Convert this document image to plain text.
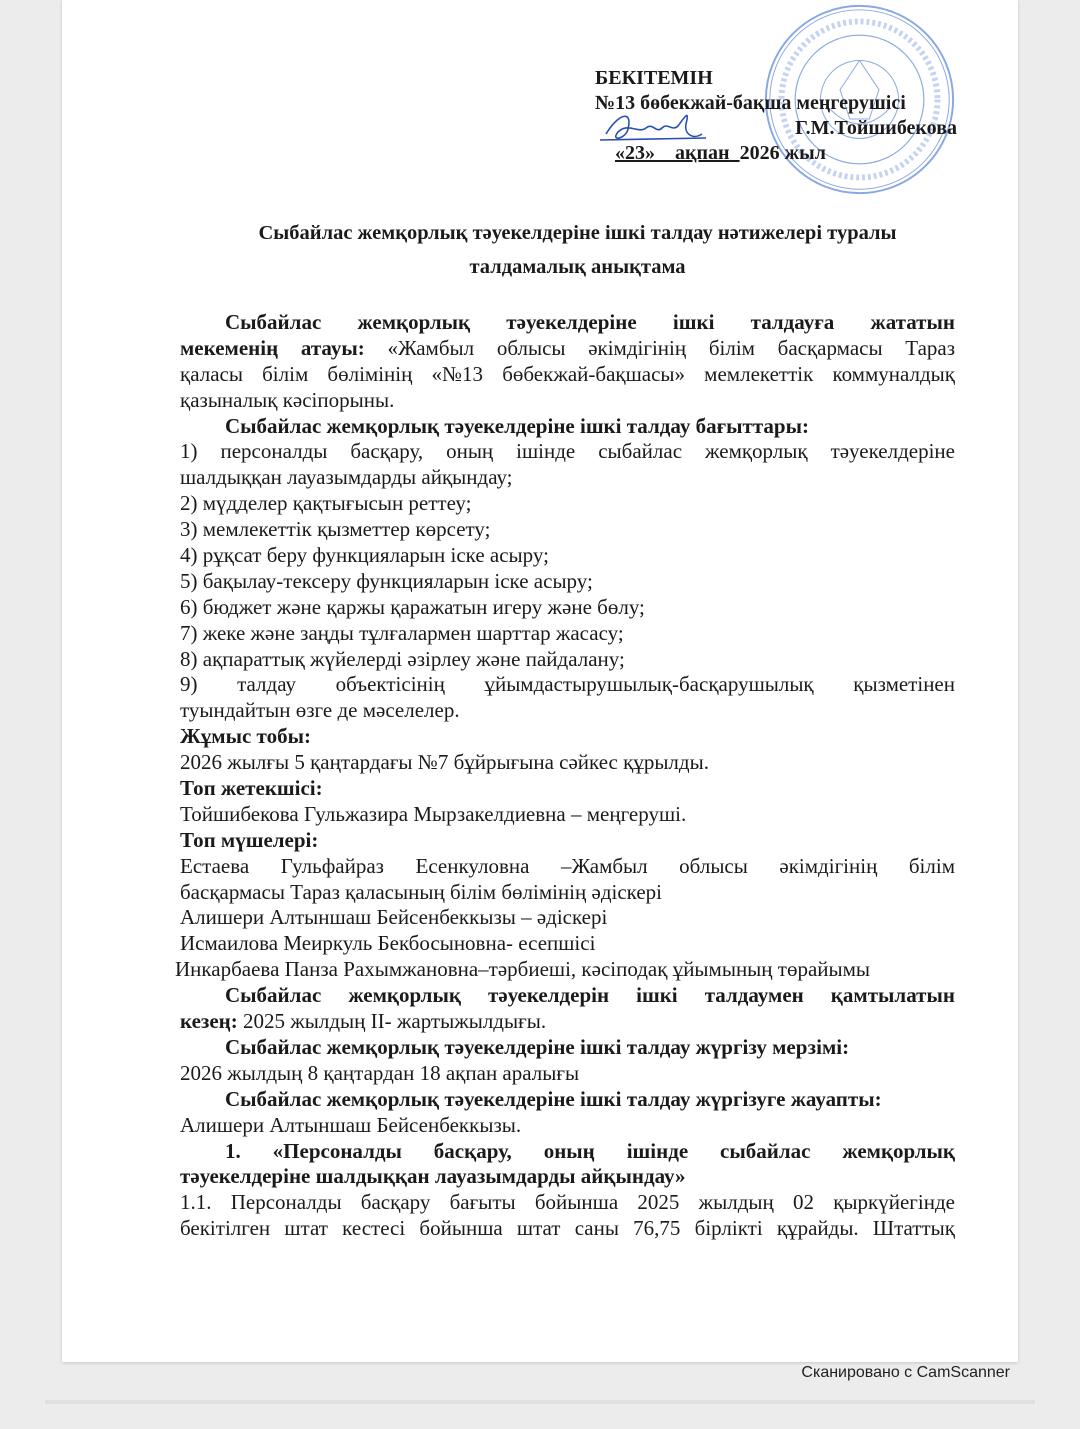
БЕКІТЕМІН
№13 бөбекжай-бақша меңгерушісі
Г.М.Тойшибекова
«23» ақпан 2026 жыл
Сыбайлас жемқорлық тәуекелдеріне ішкі талдау нәтижелері туралы
талдамалық анықтама
Сыбайлас жемқорлық тәуекелдеріне ішкі талдауға жататын
мекеменің атауы: «Жамбыл облысы әкімдігінің білім басқармасы Тараз
қаласы білім бөлімінің «№13 бөбекжай-бақшасы» мемлекеттік коммуналдық
қазыналық кәсіпорыны.
Сыбайлас жемқорлық тәуекелдеріне ішкі талдау бағыттары:
1) персоналды басқару, оның ішінде сыбайлас жемқорлық тәуекелдеріне
шалдыққан лауазымдарды айқындау;
2) мүдделер қақтығысын реттеу;
3) мемлекеттік қызметтер көрсету;
4) рұқсат беру функцияларын іске асыру;
5) бақылау-тексеру функцияларын іске асыру;
6) бюджет және қаржы қаражатын игеру және бөлу;
7) жеке және заңды тұлғалармен шарттар жасасу;
8) ақпараттық жүйелерді әзірлеу және пайдалану;
9) талдау объектісінің ұйымдастырушылық-басқарушылық қызметінен
туындайтын өзге де мәселелер.
Жұмыс тобы:
2026 жылғы 5 қаңтардағы №7 бұйрығына сәйкес құрылды.
Топ жетекшісі:
Тойшибекова Гульжазира Мырзакелдиевна – меңгеруші.
Топ мүшелері:
Естаева Гульфайраз Есенкуловна –Жамбыл облысы әкімдігінің білім
басқармасы Тараз қаласының білім бөлімінің әдіскері
Алишери Алтыншаш Бейсенбеккызы – әдіскері
Исмаилова Меиркуль Бекбосыновна- есепшісі
Инкарбаева Панза Рахымжановна–тәрбиеші, кәсіподақ ұйымының төрайымы
Сыбайлас жемқорлық тәуекелдерін ішкі талдаумен қамтылатын
кезең: 2025 жылдың ІІ- жартыжылдығы.
Сыбайлас жемқорлық тәуекелдеріне ішкі талдау жүргізу мерзімі:
2026 жылдың 8 қаңтардан 18 ақпан аралығы
Сыбайлас жемқорлық тәуекелдеріне ішкі талдау жүргізуге жауапты:
Алишери Алтыншаш Бейсенбеккызы.
1. «Персоналды басқару, оның ішінде сыбайлас жемқорлық
тәуекелдеріне шалдыққан лауазымдарды айқындау»
1.1. Персоналды басқару бағыты бойынша 2025 жылдың 02 қыркүйегінде
бекітілген штат кестесі бойынша штат саны 76,75 бірлікті құрайды. Штаттық
Сканировано с CamScanner
